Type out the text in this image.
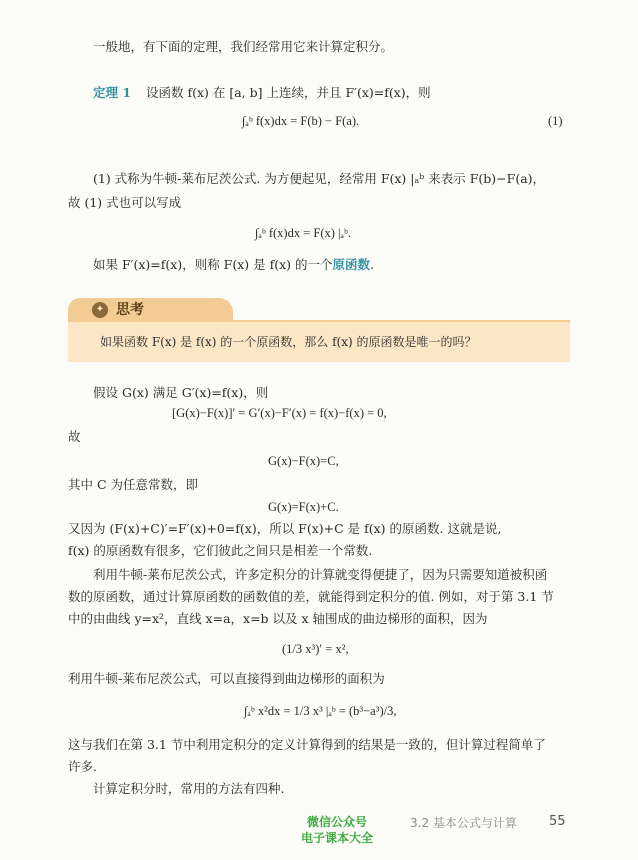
一般地，有下面的定理，我们经常用它来计算定积分。
定理 1 设函数 f(x) 在 [a, b] 上连续，并且 F′(x)=f(x)，则
∫ₐᵇ f(x)dx = F(b) − F(a).	(1)
(1) 式称为牛顿-莱布尼茨公式. 为方便起见，经常用 F(x) |ₐᵇ 来表示 F(b)−F(a)，
故 (1) 式也可以写成
∫ₐᵇ f(x)dx = F(x) |ₐᵇ.
如果 F′(x)=f(x)，则称 F(x) 是 f(x) 的一个原函数.
✦ 思考
如果函数 F(x) 是 f(x) 的一个原函数，那么 f(x) 的原函数是唯一的吗？
假设 G(x) 满足 G′(x)=f(x)，则
[G(x)−F(x)]′ = G′(x)−F′(x) = f(x)−f(x) = 0,
故
G(x)−F(x)=C,
其中 C 为任意常数，即
G(x)=F(x)+C.
又因为 (F(x)+C)′=F′(x)+0=f(x)，所以 F(x)+C 是 f(x) 的原函数. 这就是说,
f(x) 的原函数有很多，它们彼此之间只是相差一个常数.
利用牛顿-莱布尼茨公式，许多定积分的计算就变得便捷了，因为只需要知道被积函
数的原函数，通过计算原函数的函数值的差，就能得到定积分的值. 例如，对于第 3.1 节
中的由曲线 y=x²，直线 x=a，x=b 以及 x 轴围成的曲边梯形的面积，因为
(1/3 x³)′ = x²,
利用牛顿-莱布尼茨公式，可以直接得到曲边梯形的面积为
∫ₐᵇ x²dx = 1/3 x³ |ₐᵇ = (b³−a³)/3,
这与我们在第 3.1 节中利用定积分的定义计算得到的结果是一致的，但计算过程简单了
许多.
计算定积分时，常用的方法有四种.
3.2 基本公式与计算 55
微信公众号
电子课本大全
